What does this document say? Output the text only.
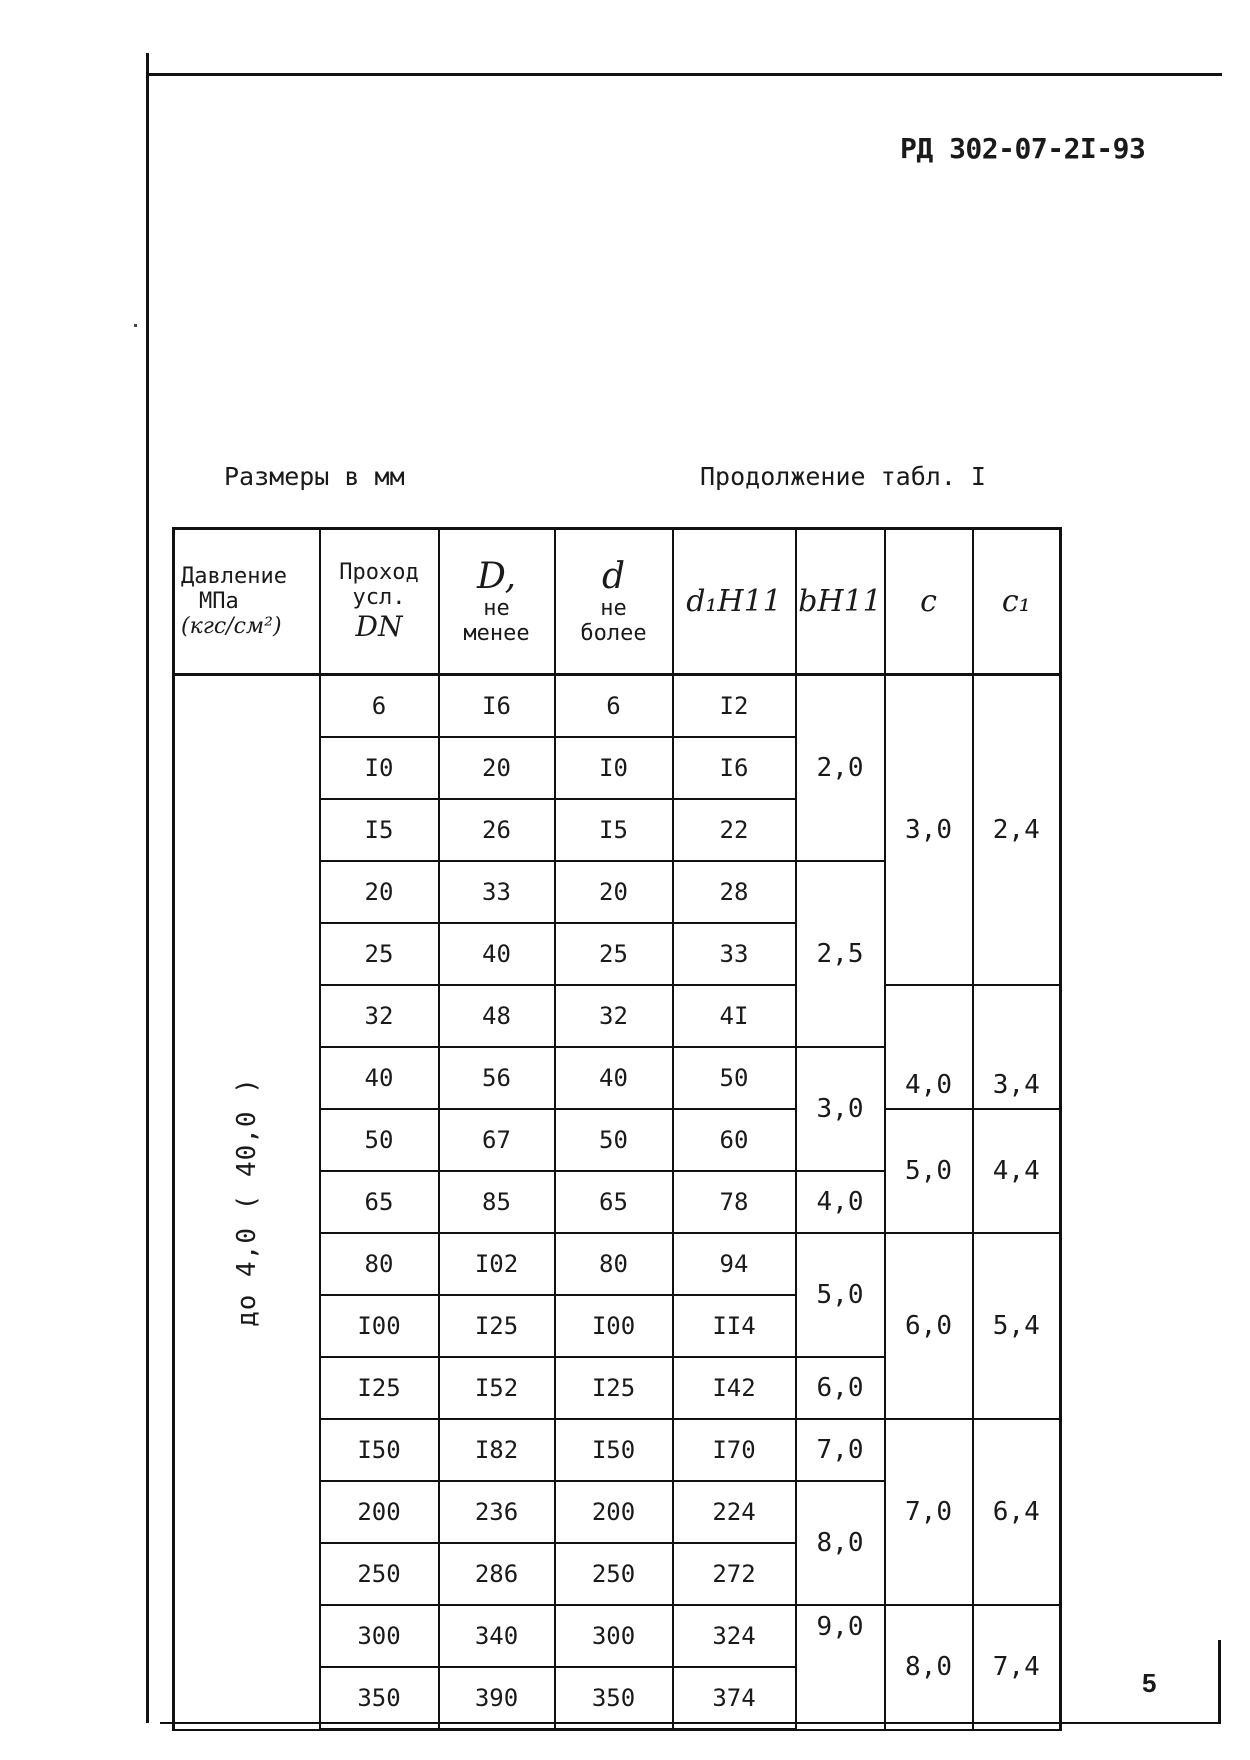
РД 302-07-2I-93
Размеры в мм	Продолжение табл. I
5
Давление
МПа
(кгс/см²)	Проход
усл.
DN	D,
не
менее	d
не
более	d₁H11	bH11	c	c₁

до 4,0 ( 40,0 )	6	I6	6	I2	2,0	3,0	2,4
	I0	20	I0	I6			
	I5	26	I5	22			
	20	33	20	28	2,5		
	25	40	25	33			
	32	48	32	4I		4,0	3,4
	40	56	40	50	3,0		
	50	67	50	60		5,0	4,4
	65	85	65	78	4,0		
	80	I02	80	94	5,0	6,0	5,4
	I00	I25	I00	II4			
	I25	I52	I25	I42	6,0		
	I50	I82	I50	I70	7,0	7,0	6,4
	200	236	200	224	8,0		
	250	286	250	272			
	300	340	300	324	9,0	8,0	7,4
	350	390	350	374			
